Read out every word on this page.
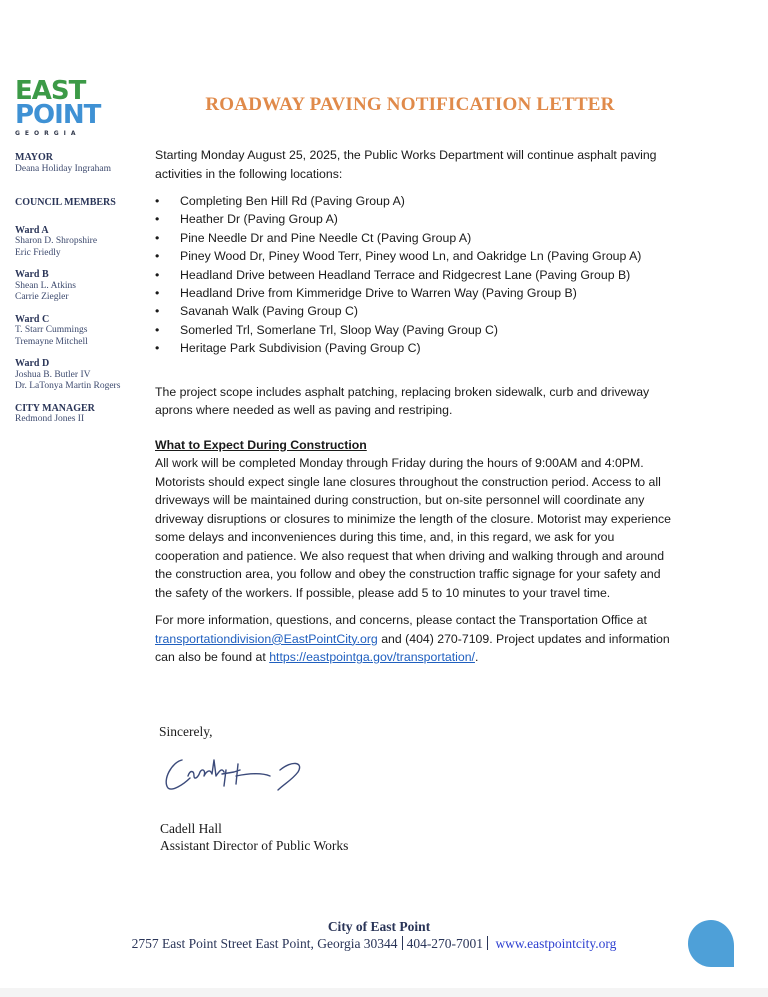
EAST
POINT
GEORGIA
MAYOR
Deana Holiday Ingraham
COUNCIL MEMBERS
Ward A
Sharon D. Shropshire
Eric Friedly
Ward B
Shean L. Atkins
Carrie Ziegler
Ward C
T. Starr Cummings
Tremayne Mitchell
Ward D
Joshua B. Butler IV
Dr. LaTonya Martin Rogers
CITY MANAGER
Redmond Jones II
ROADWAY PAVING NOTIFICATION LETTER

Starting Monday August 25, 2025, the Public Works Department will continue asphalt paving activities in the following locations:

• Completing Ben Hill Rd (Paving Group A)
• Heather Dr (Paving Group A)
• Pine Needle Dr and Pine Needle Ct (Paving Group A)
• Piney Wood Dr, Piney Wood Terr, Piney wood Ln, and Oakridge Ln (Paving Group A)
• Headland Drive between Headland Terrace and Ridgecrest Lane (Paving Group B)
• Headland Drive from Kimmeridge Drive to Warren Way (Paving Group B)
• Savanah Walk (Paving Group C)
• Somerled Trl, Somerlane Trl, Sloop Way (Paving Group C)
• Heritage Park Subdivision (Paving Group C)

The project scope includes asphalt patching, replacing broken sidewalk, curb and driveway aprons where needed as well as paving and restriping.

What to Expect During Construction

All work will be completed Monday through Friday during the hours of 9:00AM and 4:0PM. Motorists should expect single lane closures throughout the construction period. Access to all driveways will be maintained during construction, but on-site personnel will coordinate any driveway disruptions or closures to minimize the length of the closure. Motorist may experience some delays and inconveniences during this time, and, in this regard, we ask for you cooperation and patience. We also request that when driving and walking through and around the construction area, you follow and obey the construction traffic signage for your safety and the safety of the workers. If possible, please add 5 to 10 minutes to your travel time.

For more information, questions, and concerns, please contact the Transportation Office at transportationdivision@EastPointCity.org and (404) 270-7109. Project updates and information can also be found at https://eastpointga.gov/transportation/.

Sincerely,
Cadell Hall
Assistant Director of Public Works
City of East Point
2757 East Point Street East Point, Georgia 30344 404-270-7001 www.eastpointcity.org
